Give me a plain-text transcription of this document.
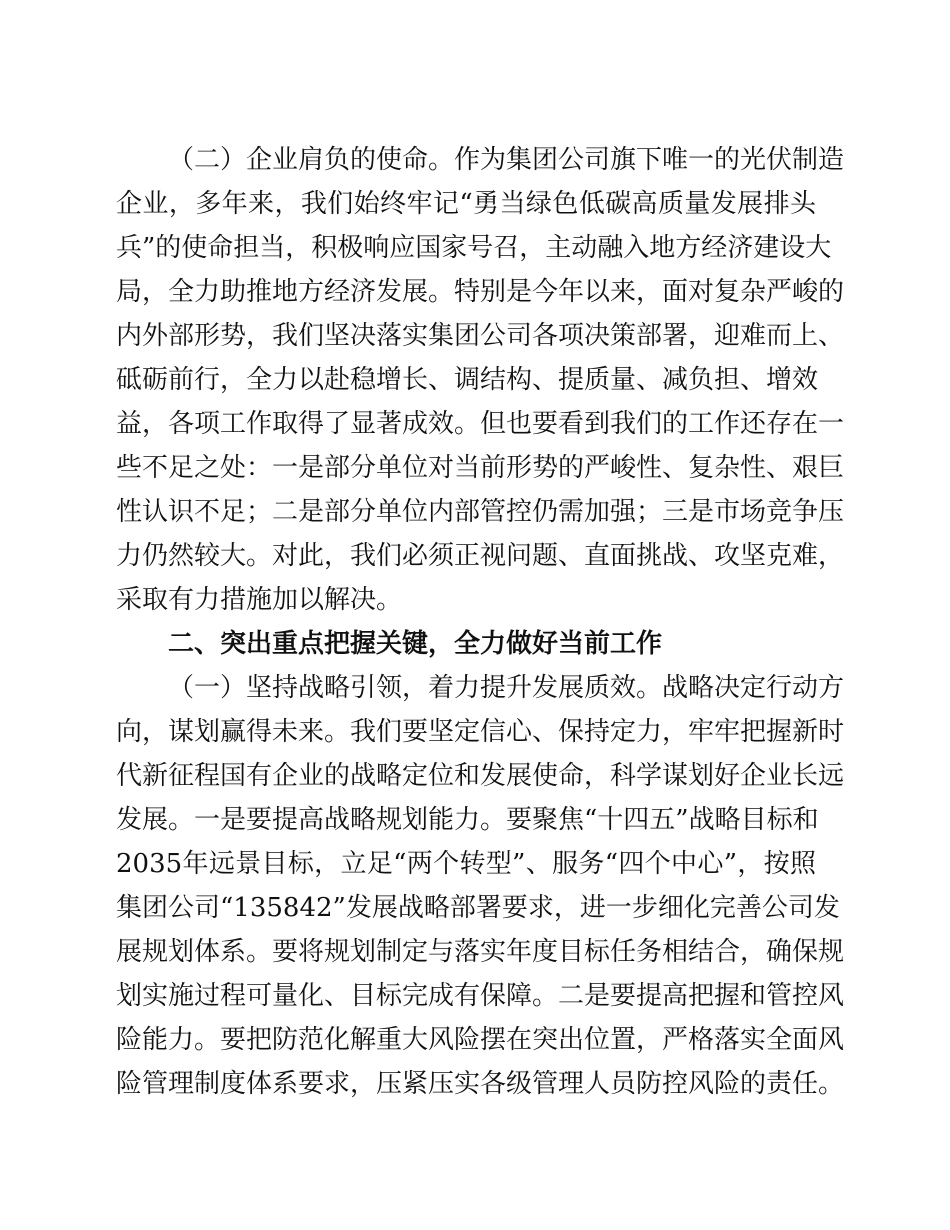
（二）企业肩负的使命。作为集团公司旗下唯一的光伏制造
企业，多年来，我们始终牢记“勇当绿色低碳高质量发展排头
兵”的使命担当，积极响应国家号召，主动融入地方经济建设大
局，全力助推地方经济发展。特别是今年以来，面对复杂严峻的
内外部形势，我们坚决落实集团公司各项决策部署，迎难而上、
砥砺前行，全力以赴稳增长、调结构、提质量、减负担、增效
益，各项工作取得了显著成效。但也要看到我们的工作还存在一
些不足之处：一是部分单位对当前形势的严峻性、复杂性、艰巨
性认识不足；二是部分单位内部管控仍需加强；三是市场竞争压
力仍然较大。对此，我们必须正视问题、直面挑战、攻坚克难，
采取有力措施加以解决。
二、突出重点把握关键，全力做好当前工作
（一）坚持战略引领，着力提升发展质效。战略决定行动方
向，谋划赢得未来。我们要坚定信心、保持定力，牢牢把握新时
代新征程国有企业的战略定位和发展使命，科学谋划好企业长远
发展。一是要提高战略规划能力。要聚焦“十四五”战略目标和
2035年远景目标，立足“两个转型”、服务“四个中心”，按照
集团公司“135842”发展战略部署要求，进一步细化完善公司发
展规划体系。要将规划制定与落实年度目标任务相结合，确保规
划实施过程可量化、目标完成有保障。二是要提高把握和管控风
险能力。要把防范化解重大风险摆在突出位置，严格落实全面风
险管理制度体系要求，压紧压实各级管理人员防控风险的责任。
